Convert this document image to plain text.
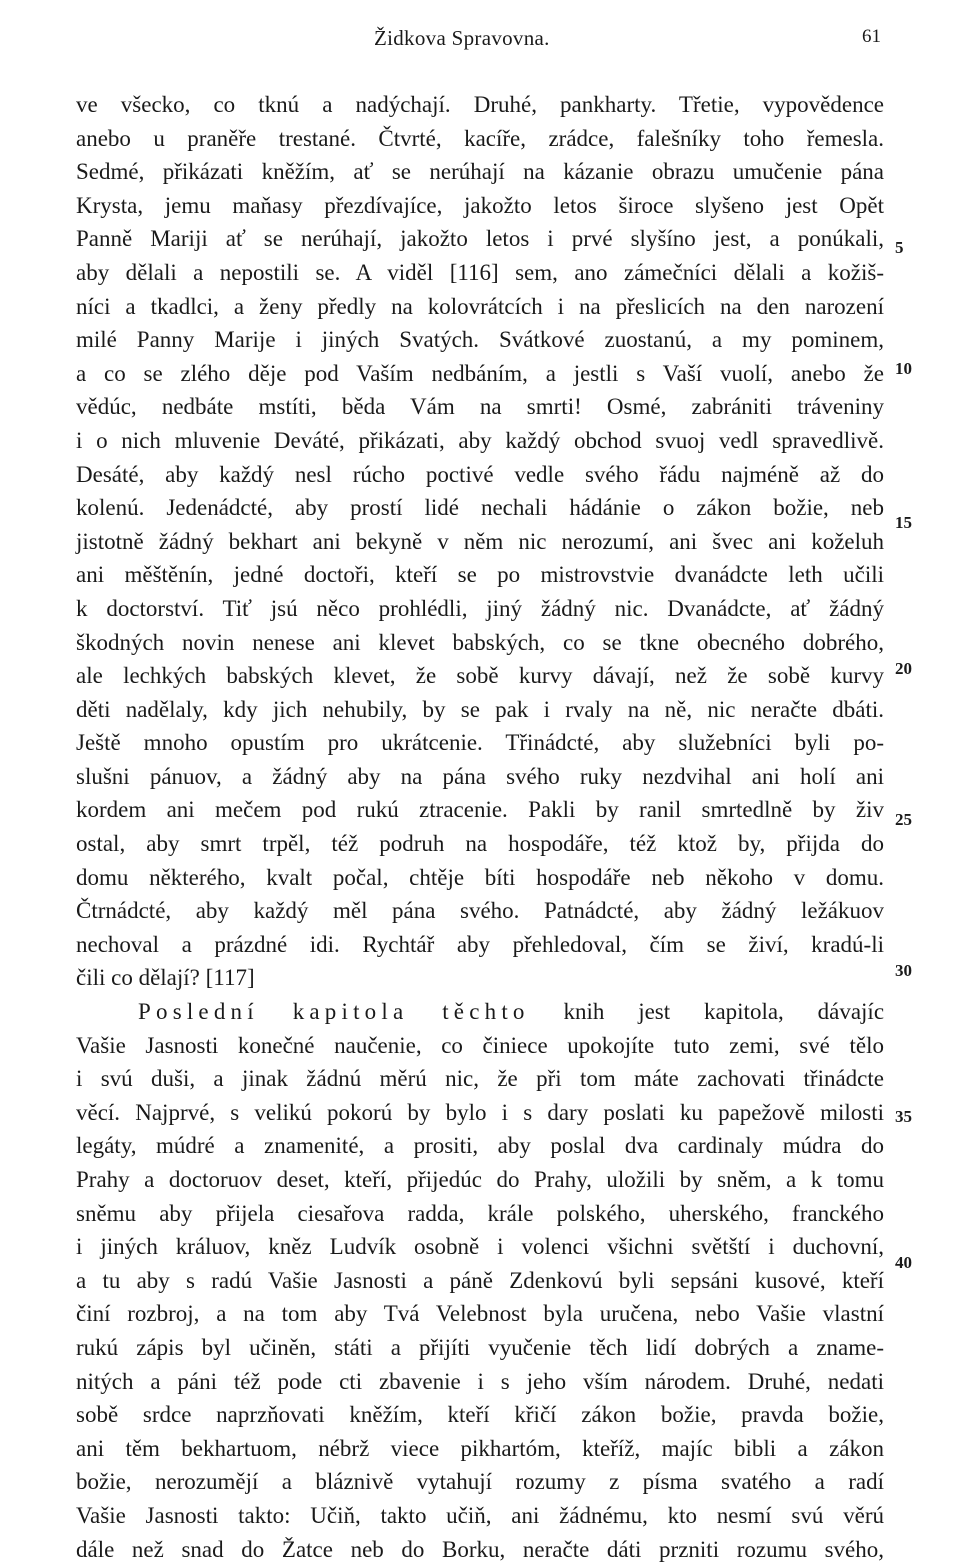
Židkova Spravovna.	61
ve všecko, co tknú a nadýchají. Druhé, pankharty. Třetie, vypovědence
anebo u praněře trestané. Čtvrté, kacíře, zrádce, falešníky toho řemesla.
Sedmé, přikázati kněžím, ať se nerúhají na kázanie obrazu umučenie pána
Krysta, jemu maňasy přezdívajíce, jakožto letos široce slyšeno jest Opět
Panně Mariji ať se nerúhají, jakožto letos i prvé slyšíno jest, a ponúkali,
aby dělali a nepostili se. A viděl [116] sem, ano zámečníci dělali a kožiš-
níci a tkadlci, a ženy předly na kolovrátcích i na přeslicích na den narození
milé Panny Marije i jiných Svatých. Svátkové zuostanú, a my pominem,
a co se zlého děje pod Vaším nedbáním, a jestli s Vaší vuolí, anebo že
vědúc, nedbáte mstíti, běda Vám na smrti! Osmé, zabrániti tráveniny
i o nich mluvenie Deváté, přikázati, aby každý obchod svuoj vedl spravedlivě.
Desáté, aby každý nesl rúcho poctivé vedle svého řádu najméně až do
kolenú. Jedenádcté, aby prostí lidé nechali hádánie o zákon božie, neb
jistotně žádný bekhart ani bekyně v něm nic nerozumí, ani švec ani koželuh
ani měštěnín, jedné doctoři, kteří se po mistrovstvie dvanádcte leth učili
k doctorství. Tiť jsú něco prohlédli, jiný žádný nic. Dvanádcte, ať žádný
škodných novin nenese ani klevet babských, co se tkne obecného dobrého,
ale lechkých babských klevet, že sobě kurvy dávají, než že sobě kurvy
děti nadělaly, kdy jich nehubily, by se pak i rvaly na ně, nic neračte dbáti.
Ještě mnoho opustím pro ukrátcenie. Třinádcté, aby služebníci byli po-
slušni pánuov, a žádný aby na pána svého ruky nezdvihal ani holí ani
kordem ani mečem pod rukú ztracenie. Pakli by ranil smrtedlně by živ
ostal, aby smrt trpěl, též podruh na hospodáře, též ktož by, přijda do
domu některého, kvalt počal, chtěje bíti hospodáře neb někoho v domu.
Čtrnádcté, aby každý měl pána svého. Patnádcté, aby žádný ležákuov
nechoval a prázdné idi. Rychtář aby přehledoval, čím se živí, kradú-li
čili co dělají? [117]
Poslední kapitola těchto knih jest kapitola, dávajíc
Vašie Jasnosti konečné naučenie, co činiece upokojíte tuto zemi, své tělo
i svú duši, a jinak žádnú měrú nic, že při tom máte zachovati třinádcte
věcí. Najprvé, s velikú pokorú by bylo i s dary poslati ku papežově milosti
legáty, múdré a znamenité, a prositi, aby poslal dva cardinaly múdra do
Prahy a doctoruov deset, kteří, přijedúc do Prahy, uložili by sněm, a k tomu
sněmu aby přijela ciesařova radda, krále polského, uherského, franckého
i jiných králuov, kněz Ludvík osobně i volenci všichni světští i duchovní,
a tu aby s radú Vašie Jasnosti a páně Zdenkovú byli sepsáni kusové, kteří
činí rozbroj, a na tom aby Tvá Velebnost byla uručena, nebo Vašie vlastní
rukú zápis byl učiněn, státi a přijíti vyučenie těch lidí dobrých a zname-
nitých a páni též pode cti zbavenie i s jeho vším národem. Druhé, nedati
sobě srdce naprzňovati kněžím, kteří křičí zákon božie, pravda božie,
ani těm bekhartuom, nébrž viece pikhartóm, kteříž, majíc bibli a zákon
božie, nerozumějí a bláznivě vytahují rozumy z písma svatého a radí
Vašie Jasnosti takto: Učiň, takto učiň, ani žádnému, kto nesmí svú věrú
dále než snad do Žatce neb do Borku, neračte dáti przniti rozumu svého,
5
10
15
20
25
30
35
40
